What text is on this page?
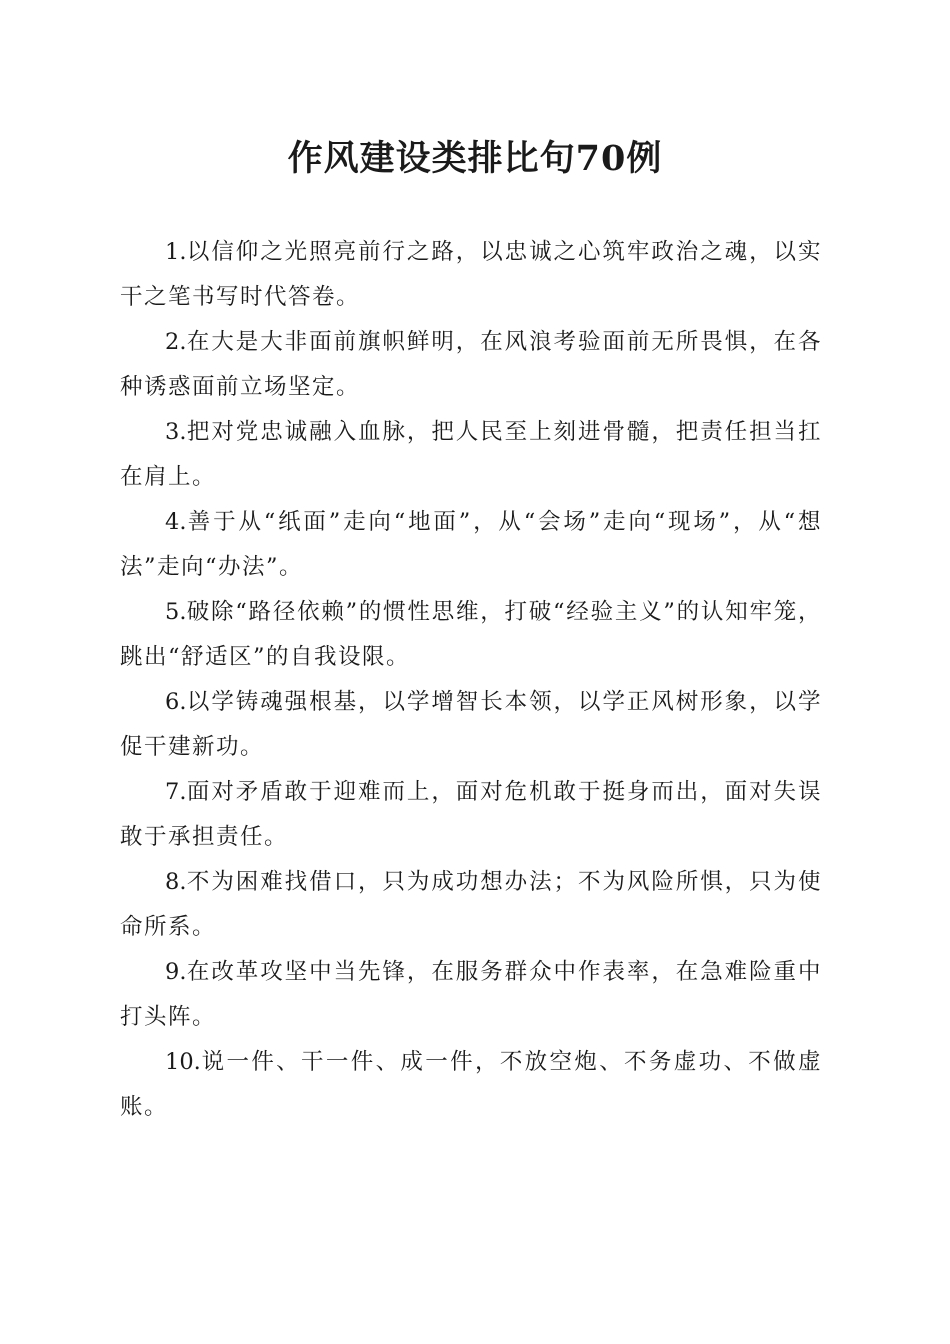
作风建设类排比句70例

1.以信仰之光照亮前行之路，以忠诚之心筑牢政治之魂，以实干之笔书写时代答卷。

2.在大是大非面前旗帜鲜明，在风浪考验面前无所畏惧，在各种诱惑面前立场坚定。

3.把对党忠诚融入血脉，把人民至上刻进骨髓，把责任担当扛在肩上。

4.善于从“纸面”走向“地面”，从“会场”走向“现场”，从“想法”走向“办法”。

5.破除“路径依赖”的惯性思维，打破“经验主义”的认知牢笼，跳出“舒适区”的自我设限。

6.以学铸魂强根基，以学增智长本领，以学正风树形象，以学促干建新功。

7.面对矛盾敢于迎难而上，面对危机敢于挺身而出，面对失误敢于承担责任。

8.不为困难找借口，只为成功想办法；不为风险所惧，只为使命所系。

9.在改革攻坚中当先锋，在服务群众中作表率，在急难险重中打头阵。

10.说一件、干一件、成一件，不放空炮、不务虚功、不做虚账。
